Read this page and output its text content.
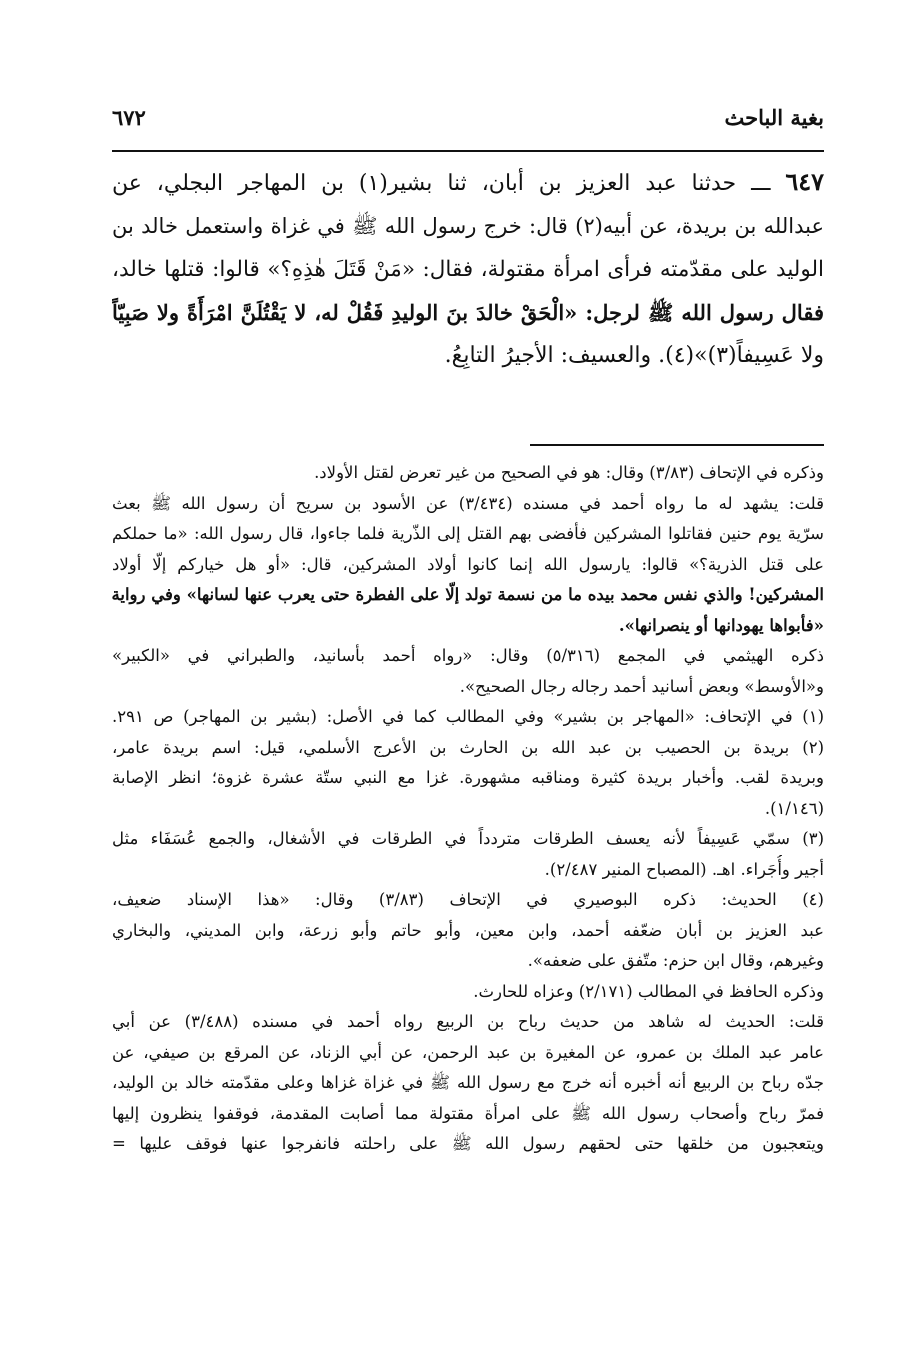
بغية الباحث
٦٧٢
٦٤٧ ـــ حدثنا عبد العزيز بن أبان، ثنا بشير(١) بن المهاجر البجلي، عن
عبدالله بن بريدة، عن أبيه(٢) قال: خرج رسول الله ﷺ في غزاة واستعمل خالد بن
الوليد على مقدّمته فرأى امرأة مقتولة، فقال: «مَنْ قَتَلَ هٰذِهِ؟» قالوا: قتلها خالد،
فقال رسول الله ﷺ لرجل: «الْحَقْ خالدَ بنَ الوليدِ فَقُلْ له، لا يَقْتُلَنَّ امْرَأَةً ولا صَبِيّاً
ولا عَسِيفاً(٣)»(٤). والعسيف: الأجيرُ التابِعُ.
وذكره في الإتحاف (٣/٨٣) وقال: هو في الصحيح من غير تعرض لقتل الأولاد.
قلت: يشهد له ما رواه أحمد في مسنده (٣/٤٣٤) عن الأسود بن سريح أن رسول الله ﷺ بعث
سرّية يوم حنين فقاتلوا المشركين فأفضى بهم القتل إلى الذّرية فلما جاءوا، قال رسول الله: «ما حملكم
على قتل الذرية؟» قالوا: يارسول الله إنما كانوا أولاد المشركين، قال: «أو هل خياركم إلّا أولاد
المشركين! والذي نفس محمد بيده ما من نسمة تولد إلّا على الفطرة حتى يعرب عنها لسانها» وفي رواية
«فأبواها يهودانها أو ينصرانها».
ذكره الهيثمي في المجمع (٥/٣١٦) وقال: «رواه أحمد بأسانيد، والطبراني في «الكبير»
و«الأوسط» وبعض أسانيد أحمد رجاله رجال الصحيح».
(١) في الإتحاف: «المهاجر بن بشير» وفي المطالب كما في الأصل: (بشير بن المهاجر) ص ٢٩١.
(٢) بريدة بن الحصيب بن عبد الله بن الحارث بن الأعرج الأسلمي، قيل: اسم بريدة عامر،
وبريدة لقب. وأخبار بريدة كثيرة ومناقبه مشهورة. غزا مع النبي ستّة عشرة غزوة؛ انظر الإصابة
(١/١٤٦).
(٣) سمّي عَسِيفاً لأنه يعسف الطرقات متردداً في الطرقات في الأشغال، والجمع عُسَفَاء مثل
أجير وأُجَراء. اهـ. (المصباح المنير ٢/٤٨٧).
(٤) الحديث: ذكره البوصيري في الإتحاف (٣/٨٣) وقال: «هذا الإسناد ضعيف،
عبد العزيز بن أبان ضعّفه أحمد، وابن معين، وأبو حاتم وأبو زرعة، وابن المديني، والبخاري
وغيرهم، وقال ابن حزم: متّفق على ضعفه».
وذكره الحافظ في المطالب (٢/١٧١) وعزاه للحارث.
قلت: الحديث له شاهد من حديث رباح بن الربيع رواه أحمد في مسنده (٣/٤٨٨) عن أبي
عامر عبد الملك بن عمرو، عن المغيرة بن عبد الرحمن، عن أبي الزناد، عن المرقع بن صيفي، عن
جدّه رباح بن الربيع أنه أخبره أنه خرج مع رسول الله ﷺ في غزاة غزاها وعلى مقدّمته خالد بن الوليد،
فمرّ رباح وأصحاب رسول الله ﷺ على امرأة مقتولة مما أصابت المقدمة، فوقفوا ينظرون إليها
ويتعجبون من خلقها حتى لحقهم رسول الله ﷺ على راحلته فانفرجوا عنها فوقف عليها =
